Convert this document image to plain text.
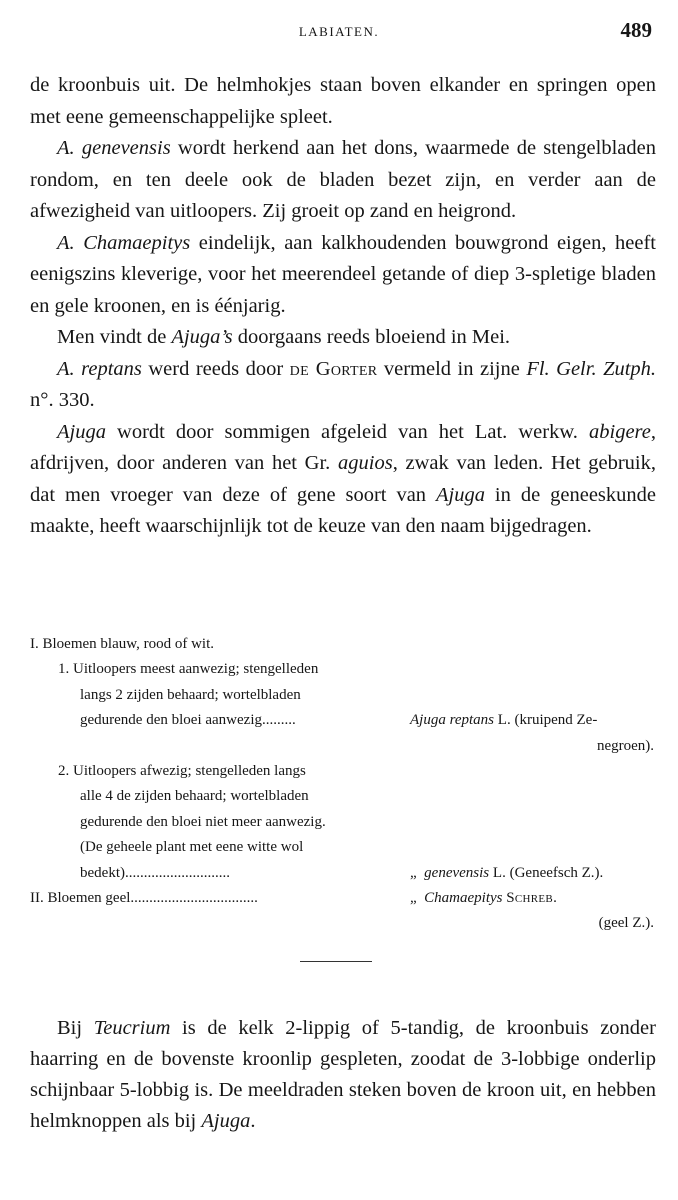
LABIATEN.	489

de kroonbuis uit. De helmhokjes staan boven elkander en springen open met eene gemeenschappelijke spleet.

A. genevensis wordt herkend aan het dons, waarmede de stengelbladen rondom, en ten deele ook de bladen bezet zijn, en verder aan de afwezigheid van uitloopers. Zij groeit op zand en heigrond.

A. Chamaepitys eindelijk, aan kalkhoudenden bouwgrond eigen, heeft eenigszins kleverige, voor het meerendeel getande of diep 3-spletige bladen en gele kroonen, en is éénjarig.

Men vindt de Ajuga’s doorgaans reeds bloeiend in Mei.

A. reptans werd reeds door de Gorter vermeld in zijne Fl. Gelr. Zutph. n°. 330.

Ajuga wordt door sommigen afgeleid van het Lat. werkw. abigere, afdrijven, door anderen van het Gr. aguios, zwak van leden. Het gebruik, dat men vroeger van deze of gene soort van Ajuga in de geneeskunde maakte, heeft waarschijnlijk tot de keuze van den naam bijgedragen.

I. Bloemen blauw, rood of wit.
1. Uitloopers meest aanwezig; stengelleden
langs 2 zijden behaard; wortelbladen
gedurende den bloei aanwezig.........	Ajuga reptans L. (kruipend Ze-
negroen).
2. Uitloopers afwezig; stengelleden langs
alle 4 de zijden behaard; wortelbladen
gedurende den bloei niet meer aanwezig.
(De geheele plant met eene witte wol
bedekt)............................	„ genevensis L. (Geneefsch Z.).
II. Bloemen geel..................................	„ Chamaepitys Schreb.
(geel Z.).

Bij Teucrium is de kelk 2-lippig of 5-tandig, de kroonbuis zonder haarring en de bovenste kroonlip gespleten, zoodat de 3-lobbige onderlip schijnbaar 5-lobbig is. De meeldraden steken boven de kroon uit, en hebben helmknoppen als bij Ajuga.
